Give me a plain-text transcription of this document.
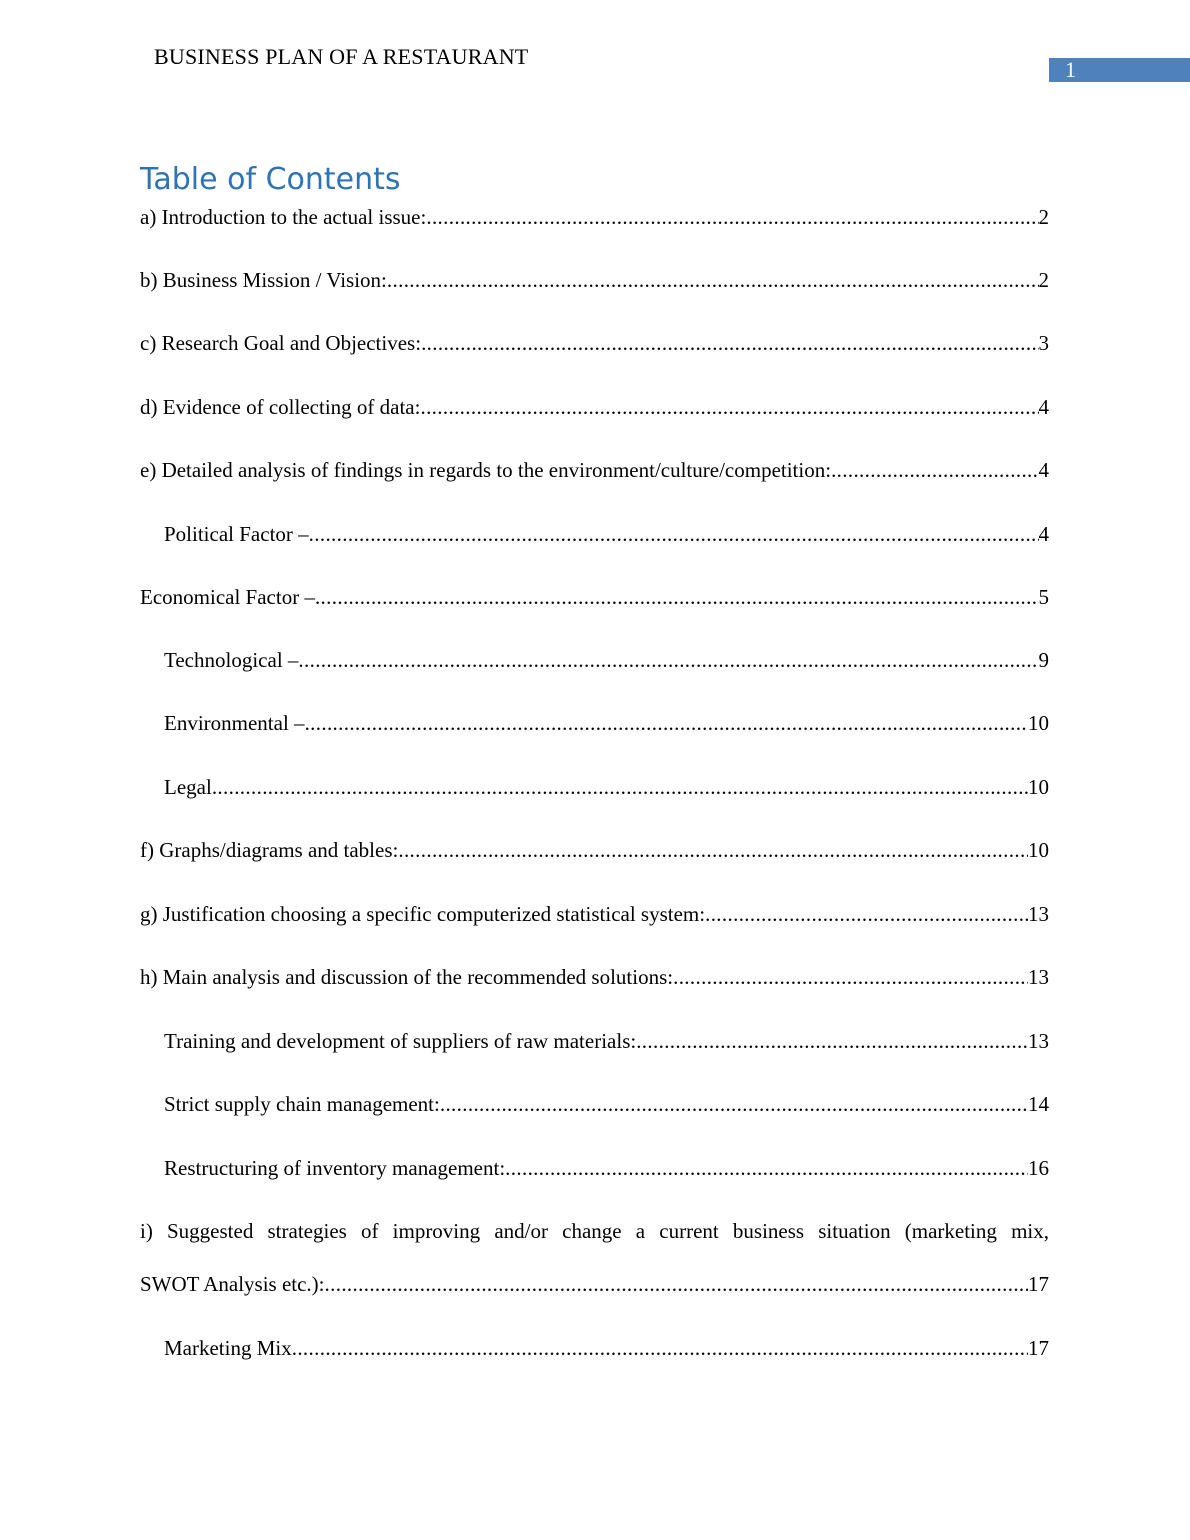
BUSINESS PLAN OF A RESTAURANT
1
Table of Contents
a) Introduction to the actual issue: .....	2
b) Business Mission / Vision: .....	2
c) Research Goal and Objectives: .....	3
d) Evidence of collecting of data: .....	4
e) Detailed analysis of findings in regards to the environment/culture/competition: .....	4
Political Factor – .....	4
Economical Factor – .....	5
Technological – .....	9
Environmental – .....	10
Legal .....	10
f) Graphs/diagrams and tables: .....	10
g) Justification choosing a specific computerized statistical system: .....	13
h) Main analysis and discussion of the recommended solutions: .....	13
Training and development of suppliers of raw materials: .....	13
Strict supply chain management: .....	14
Restructuring of inventory management: .....	16
i) Suggested strategies of improving and/or change a current business situation (marketing mix,
SWOT Analysis etc.): .....	17
Marketing Mix .....	17
